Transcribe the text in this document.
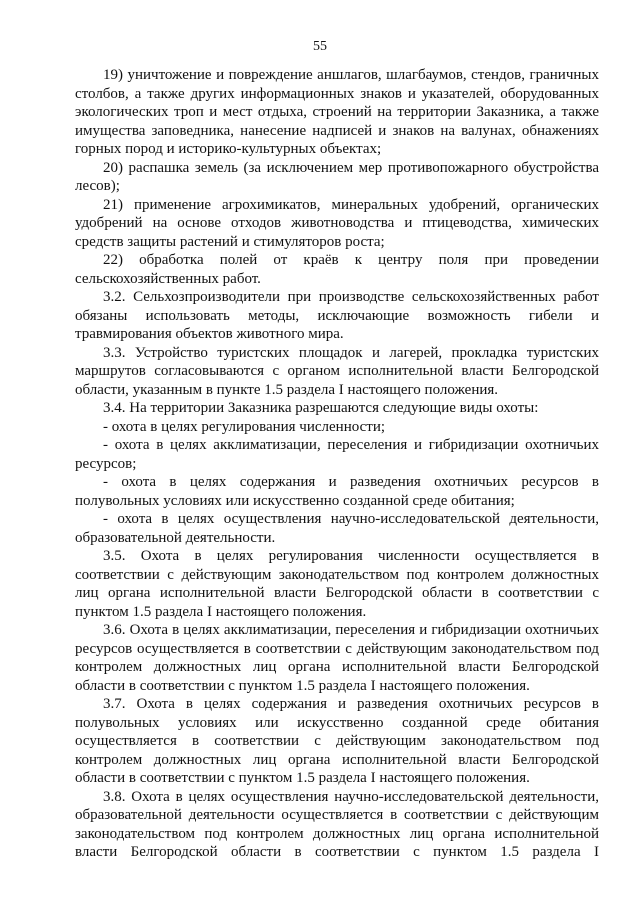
55

19) уничтожение и повреждение аншлагов, шлагбаумов, стендов, граничных столбов, а также других информационных знаков и указателей, оборудованных экологических троп и мест отдыха, строений на территории Заказника, а также имущества заповедника, нанесение надписей и знаков на валунах, обнажениях горных пород и историко-культурных объектах;

20) распашка земель (за исключением мер противопожарного обустройства лесов);

21) применение агрохимикатов, минеральных удобрений, органических удобрений на основе отходов животноводства и птицеводства, химических средств защиты растений и стимуляторов роста;

22) обработка полей от краёв к центру поля при проведении сельскохозяйственных работ.

3.2. Сельхозпроизводители при производстве сельскохозяйственных работ обязаны использовать методы, исключающие возможность гибели и травмирования объектов животного мира.

3.3. Устройство туристских площадок и лагерей, прокладка туристских маршрутов согласовываются с органом исполнительной власти Белгородской области, указанным в пункте 1.5 раздела I настоящего положения.

3.4. На территории Заказника разрешаются следующие виды охоты:

- охота в целях регулирования численности;

- охота в целях акклиматизации, переселения и гибридизации охотничьих ресурсов;

- охота в целях содержания и разведения охотничьих ресурсов в полувольных условиях или искусственно созданной среде обитания;

- охота в целях осуществления научно-исследовательской деятельности, образовательной деятельности.

3.5. Охота в целях регулирования численности осуществляется в соответствии с действующим законодательством под контролем должностных лиц органа исполнительной власти Белгородской области в соответствии с пунктом 1.5 раздела I настоящего положения.

3.6. Охота в целях акклиматизации, переселения и гибридизации охотничьих ресурсов осуществляется в соответствии с действующим законодательством под контролем должностных лиц органа исполнительной власти Белгородской области в соответствии с пунктом 1.5 раздела I настоящего положения.

3.7. Охота в целях содержания и разведения охотничьих ресурсов в полувольных условиях или искусственно созданной среде обитания осуществляется в соответствии с действующим законодательством под контролем должностных лиц органа исполнительной власти Белгородской области в соответствии с пунктом 1.5 раздела I настоящего положения.

3.8. Охота в целях осуществления научно-исследовательской деятельности, образовательной деятельности осуществляется в соответствии с действующим законодательством под контролем должностных лиц органа исполнительной власти Белгородской области в соответствии с пунктом 1.5 раздела I
